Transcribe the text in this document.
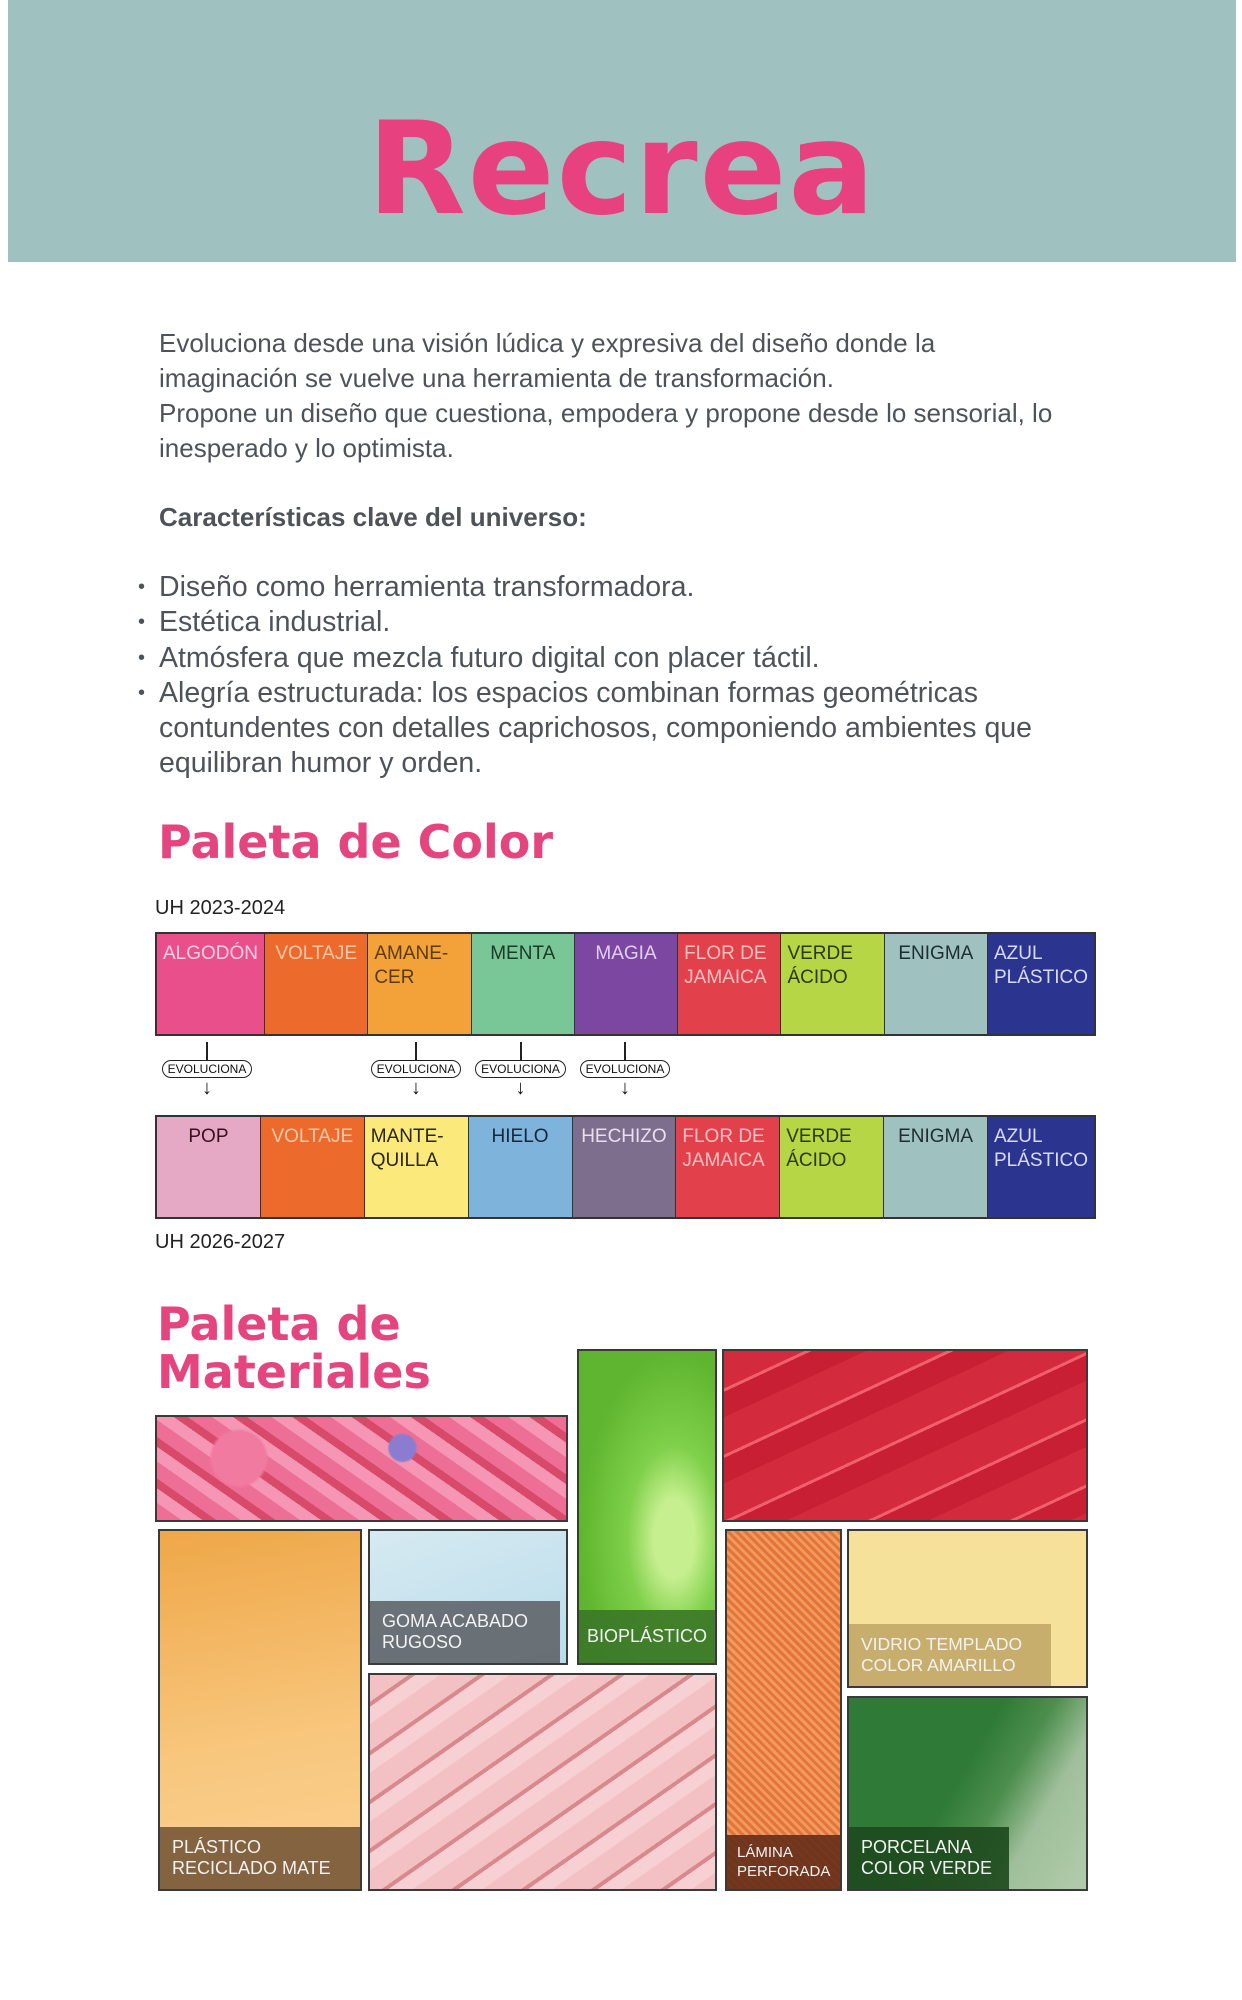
Recrea
Evoluciona desde una visión lúdica y expresiva del diseño donde la imaginación se vuelve una herramienta de transformación.
Propone un diseño que cuestiona, empodera y propone desde lo sensorial, lo inesperado y lo optimista.
Características clave del universo:
• Diseño como herramienta transformadora.
• Estética industrial.
• Atmósfera que mezcla futuro digital con placer táctil.
• Alegría estructurada: los espacios combinan formas geométricas contundentes con detalles caprichosos, componiendo ambientes que equilibran humor y orden.
Paleta de Color
UH 2023-2024
ALGODÓN VOLTAJE AMANE-CER
MENTA	MAGIA	FLOR DE JAMAICA
VERDE ÁCIDO
ENIGMA	AZUL PLÁSTICO
POP	VOLTAJE MANTE-QUILLA
HIELO	HECHIZO FLOR DE JAMAICA
VERDE ÁCIDO
ENIGMA	AZUL PLÁSTICO
UH 2026-2027
EVOLUCIONA
↓
EVOLUCIONA
↓
EVOLUCIONA
↓
EVOLUCIONA
↓
Paleta de
Materiales
PLÁSTICO RECICLADO MATE
GOMA ACABADO RUGOSO	BIOPLÁSTICO
LÁMINA PERFORADA
VIDRIO TEMPLADO COLOR AMARILLO
PORCELANA COLOR VERDE
